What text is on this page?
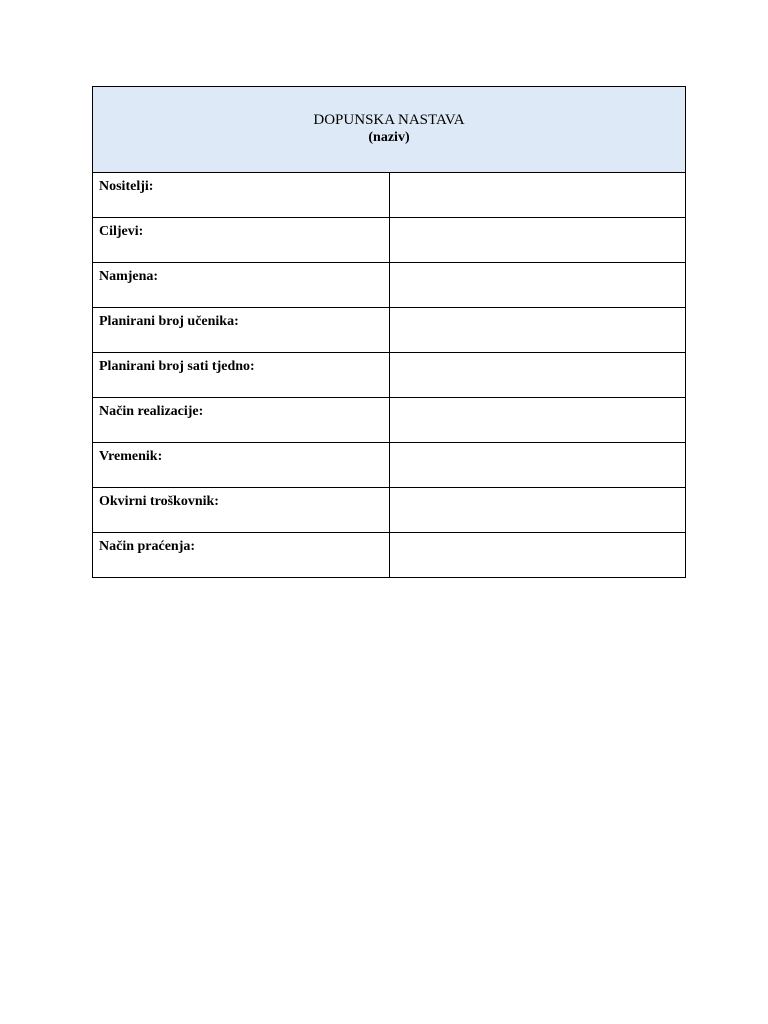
DOPUNSKA NASTAVA
(naziv)	

Nositelji:	

Ciljevi:	

Namjena:	

Planirani broj učenika:	

Planirani broj sati tjedno:	

Način realizacije:	

Vremenik:	

Okvirni troškovnik:	

Način praćenja:	
